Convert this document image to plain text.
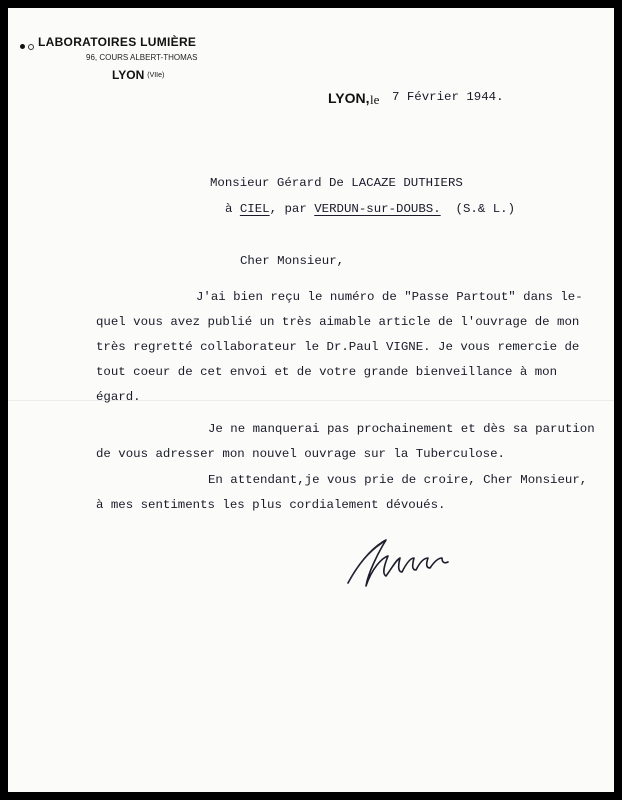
LABORATOIRES LUMIÈRE
96, COURS ALBERT-THOMAS
LYON (VIIe)
LYON, le 7 Février 1944.
Monsieur Gérard De LACAZE DUTHIERS
à CIEL, par VERDUN-sur-DOUBS. (S.& L.)
Cher Monsieur,
J'ai bien reçu le numéro de "Passe Partout" dans le-
quel vous avez publié un très aimable article de l'ouvrage de mon
très regretté collaborateur le Dr.Paul VIGNE. Je vous remercie de
tout coeur de cet envoi et de votre grande bienveillance à mon
égard.
Je ne manquerai pas prochainement et dès sa parution
de vous adresser mon nouvel ouvrage sur la Tuberculose.
En attendant,je vous prie de croire, Cher Monsieur,
à mes sentiments les plus cordialement dévoués.
